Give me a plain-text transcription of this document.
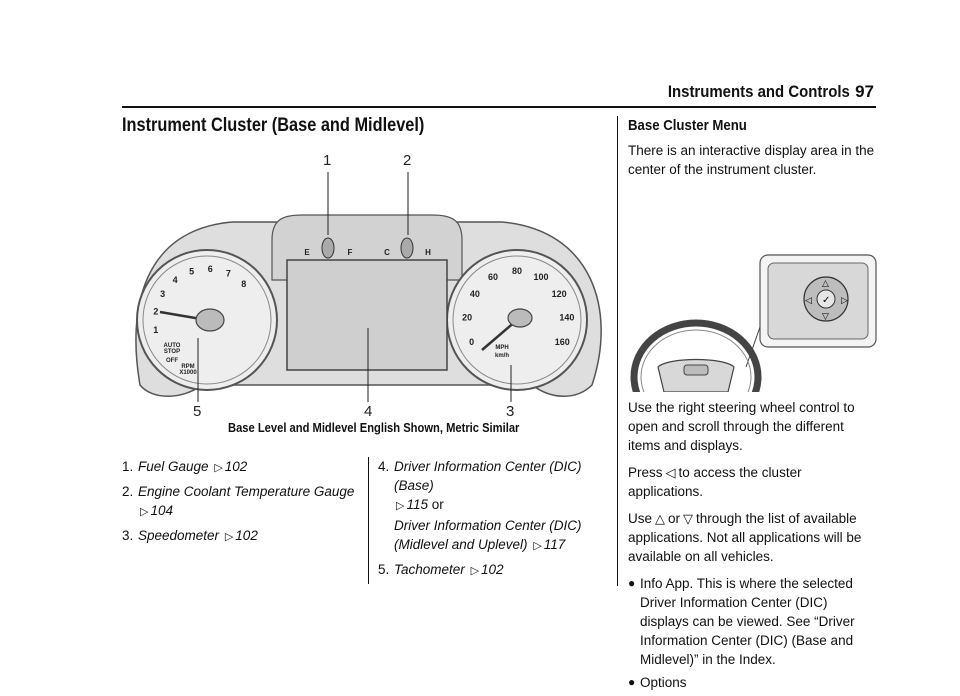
Instruments and Controls 97
Instrument Cluster (Base and Midlevel)
1
2
3
4
5 6 7
8
AUTO
STOP
OFF
RPM
X1000
0
20
40
60
80
100
120
140
160
MPH
km/h
E	F	C	H
1	2
3
4
5
Base Level and Midlevel English Shown, Metric Similar
1. Fuel Gauge ▷ 102
2. Engine Coolant Temperature Gauge
▷ 104
3. Speedometer ▷ 102
4. Driver Information Center (DIC) (Base)
▷ 115 or
Driver Information Center (DIC) (Midlevel and Uplevel) ▷ 117
5. Tachometer ▷ 102
Base Cluster Menu

There is an interactive display area in the center of the instrument cluster.

✓
◁	▷
△
▽

Use the right steering wheel control to open and scroll through the different items and displays.

Press ◁ to access the cluster applications.

Use △ or ▽ through the list of available applications. Not all applications will be available on all vehicles.

● Info App. This is where the selected Driver Information Center (DIC) displays can be viewed. See “Driver Information Center (DIC) (Base and Midlevel)” in the Index.
● Options
